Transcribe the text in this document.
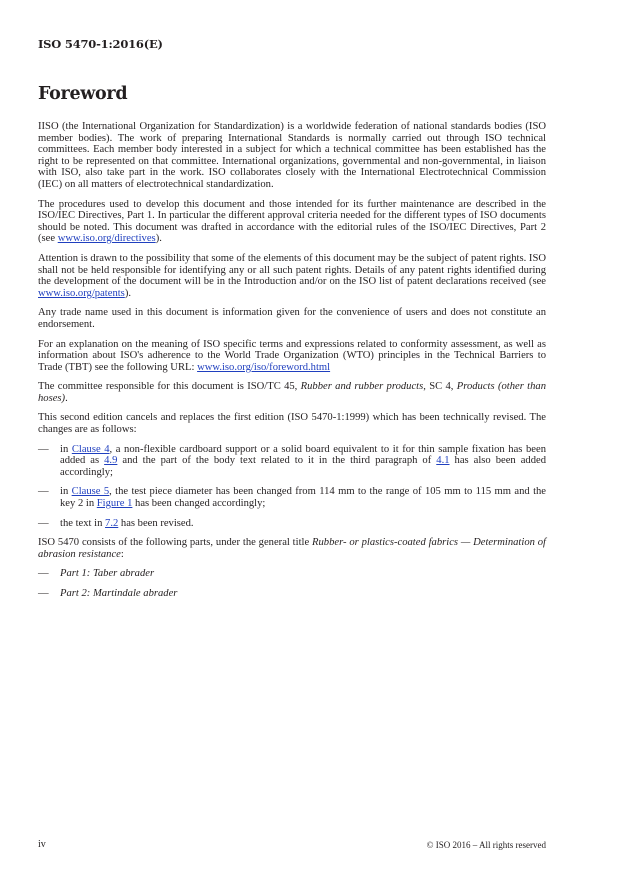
ISO 5470-1:2016(E)
Foreword

IISO (the International Organization for Standardization) is a worldwide federation of national standards bodies (ISO member bodies). The work of preparing International Standards is normally carried out through ISO technical committees. Each member body interested in a subject for which a technical committee has been established has the right to be represented on that committee. International organizations, governmental and non-governmental, in liaison with ISO, also take part in the work. ISO collaborates closely with the International Electrotechnical Commission (IEC) on all matters of electrotechnical standardization.

The procedures used to develop this document and those intended for its further maintenance are described in the ISO/IEC Directives, Part 1. In particular the different approval criteria needed for the different types of ISO documents should be noted. This document was drafted in accordance with the editorial rules of the ISO/IEC Directives, Part 2 (see www.iso.org/directives).

Attention is drawn to the possibility that some of the elements of this document may be the subject of patent rights. ISO shall not be held responsible for identifying any or all such patent rights. Details of any patent rights identified during the development of the document will be in the Introduction and/or on the ISO list of patent declarations received (see www.iso.org/patents).

Any trade name used in this document is information given for the convenience of users and does not constitute an endorsement.

For an explanation on the meaning of ISO specific terms and expressions related to conformity assessment, as well as information about ISO's adherence to the World Trade Organization (WTO) principles in the Technical Barriers to Trade (TBT) see the following URL: www.iso.org/iso/foreword.html

The committee responsible for this document is ISO/TC 45, Rubber and rubber products, SC 4, Products (other than hoses).

This second edition cancels and replaces the first edition (ISO 5470-1:1999) which has been technically revised. The changes are as follows:

— in Clause 4, a non-flexible cardboard support or a solid board equivalent to it for thin sample fixation has been added as 4.9 and the part of the body text related to it in the third paragraph of 4.1 has also been added accordingly;
— in Clause 5, the test piece diameter has been changed from 114 mm to the range of 105 mm to 115 mm and the key 2 in Figure 1 has been changed accordingly;
— the text in 7.2 has been revised.

ISO 5470 consists of the following parts, under the general title Rubber- or plastics-coated fabrics — Determination of abrasion resistance:

— Part 1: Taber abrader
— Part 2: Martindale abrader
iv	© ISO 2016 – All rights reserved
